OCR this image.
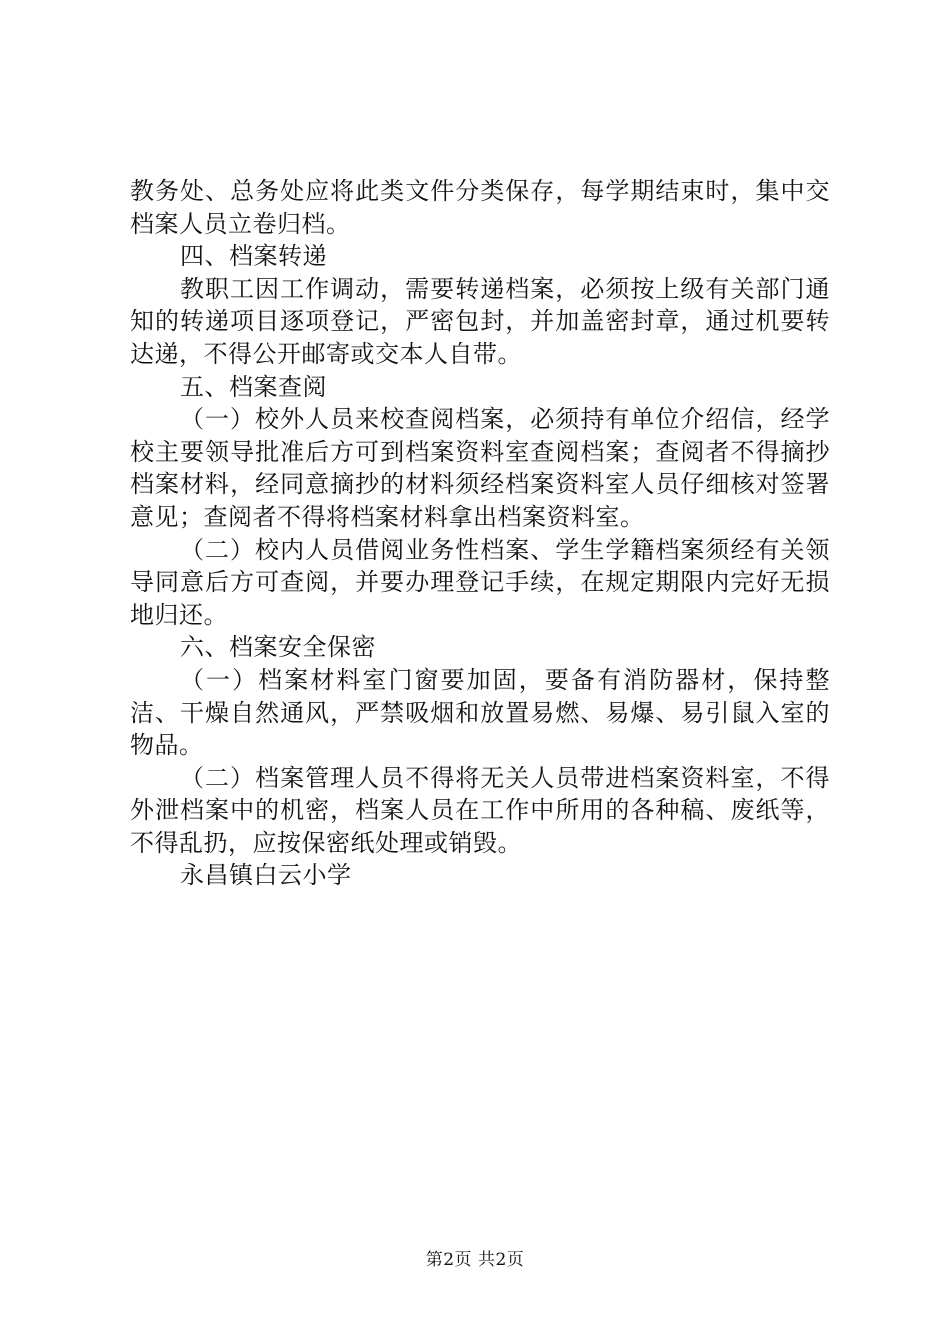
教务处、总务处应将此类文件分类保存，每学期结束时，集中交档案人员立卷归档。

四、档案转递

教职工因工作调动，需要转递档案，必须按上级有关部门通知的转递项目逐项登记，严密包封，并加盖密封章，通过机要转达递，不得公开邮寄或交本人自带。

五、档案查阅

（一）校外人员来校查阅档案，必须持有单位介绍信，经学校主要领导批准后方可到档案资料室查阅档案；查阅者不得摘抄档案材料，经同意摘抄的材料须经档案资料室人员仔细核对签署意见；查阅者不得将档案材料拿出档案资料室。

（二）校内人员借阅业务性档案、学生学籍档案须经有关领导同意后方可查阅，并要办理登记手续，在规定期限内完好无损地归还。

六、档案安全保密

（一）档案材料室门窗要加固，要备有消防器材，保持整洁、干燥自然通风，严禁吸烟和放置易燃、易爆、易引鼠入室的物品。

（二）档案管理人员不得将无关人员带进档案资料室，不得外泄档案中的机密，档案人员在工作中所用的各种稿、废纸等，不得乱扔，应按保密纸处理或销毁。

永昌镇白云小学

第2页 共2页
